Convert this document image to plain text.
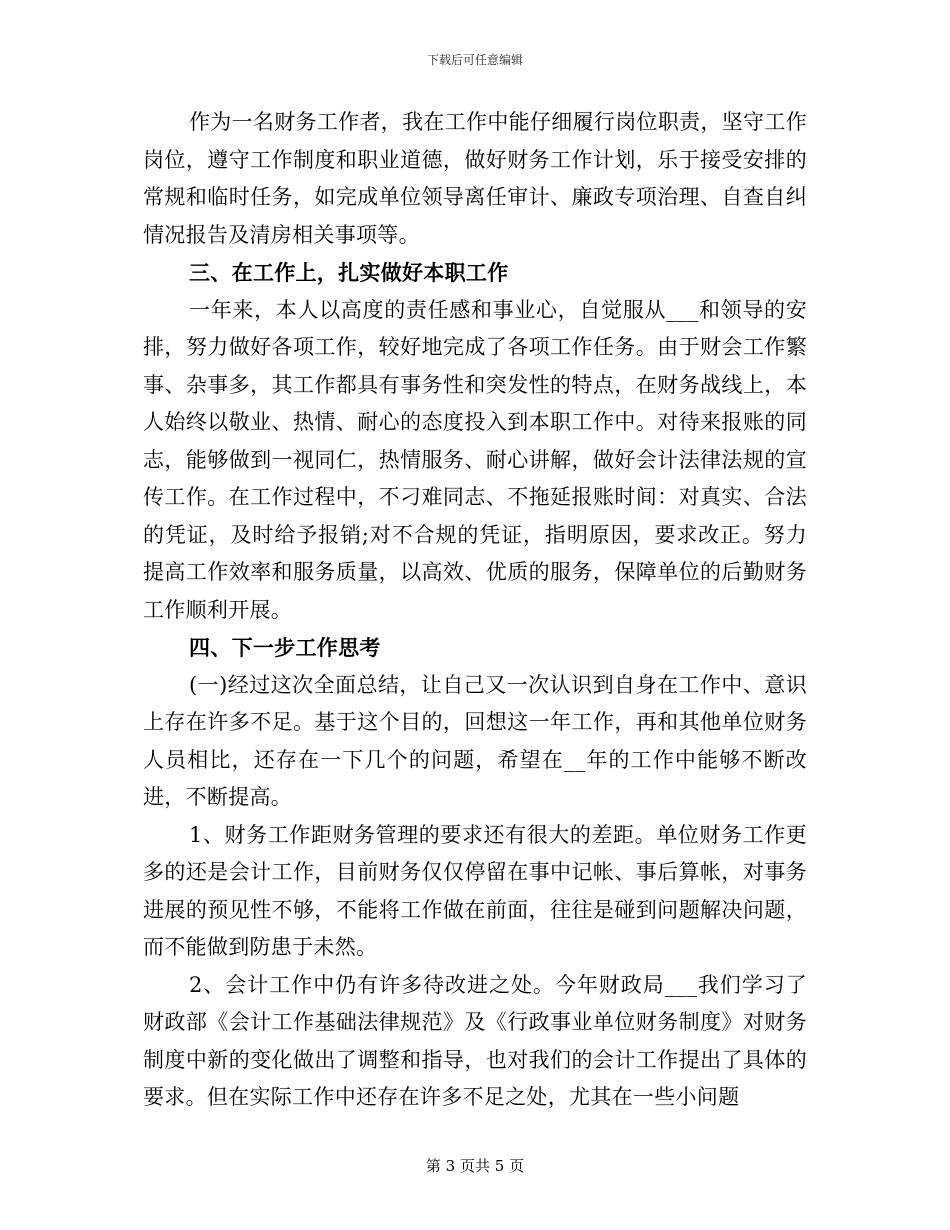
下载后可任意编辑

作为一名财务工作者，我在工作中能仔细履行岗位职责，坚守工作岗位，遵守工作制度和职业道德，做好财务工作计划，乐于接受安排的常规和临时任务，如完成单位领导离任审计、廉政专项治理、自查自纠情况报告及清房相关事项等。

三、在工作上，扎实做好本职工作

一年来，本人以高度的责任感和事业心，自觉服从___和领导的安排，努力做好各项工作，较好地完成了各项工作任务。由于财会工作繁事、杂事多，其工作都具有事务性和突发性的特点，在财务战线上，本人始终以敬业、热情、耐心的态度投入到本职工作中。对待来报账的同志，能够做到一视同仁，热情服务、耐心讲解，做好会计法律法规的宣传工作。在工作过程中，不刁难同志、不拖延报账时间：对真实、合法的凭证，及时给予报销;对不合规的凭证，指明原因，要求改正。努力提高工作效率和服务质量，以高效、优质的服务，保障单位的后勤财务工作顺利开展。

四、下一步工作思考

(一)经过这次全面总结，让自己又一次认识到自身在工作中、意识上存在许多不足。基于这个目的，回想这一年工作，再和其他单位财务人员相比，还存在一下几个的问题，希望在__年的工作中能够不断改进，不断提高。

1、财务工作距财务管理的要求还有很大的差距。单位财务工作更多的还是会计工作，目前财务仅仅停留在事中记帐、事后算帐，对事务进展的预见性不够，不能将工作做在前面，往往是碰到问题解决问题，而不能做到防患于未然。

2、会计工作中仍有许多待改进之处。今年财政局___我们学习了财政部《会计工作基础法律规范》及《行政事业单位财务制度》对财务制度中新的变化做出了调整和指导，也对我们的会计工作提出了具体的要求。但在实际工作中还存在许多不足之处，尤其在一些小问题

第 3 页共 5 页
